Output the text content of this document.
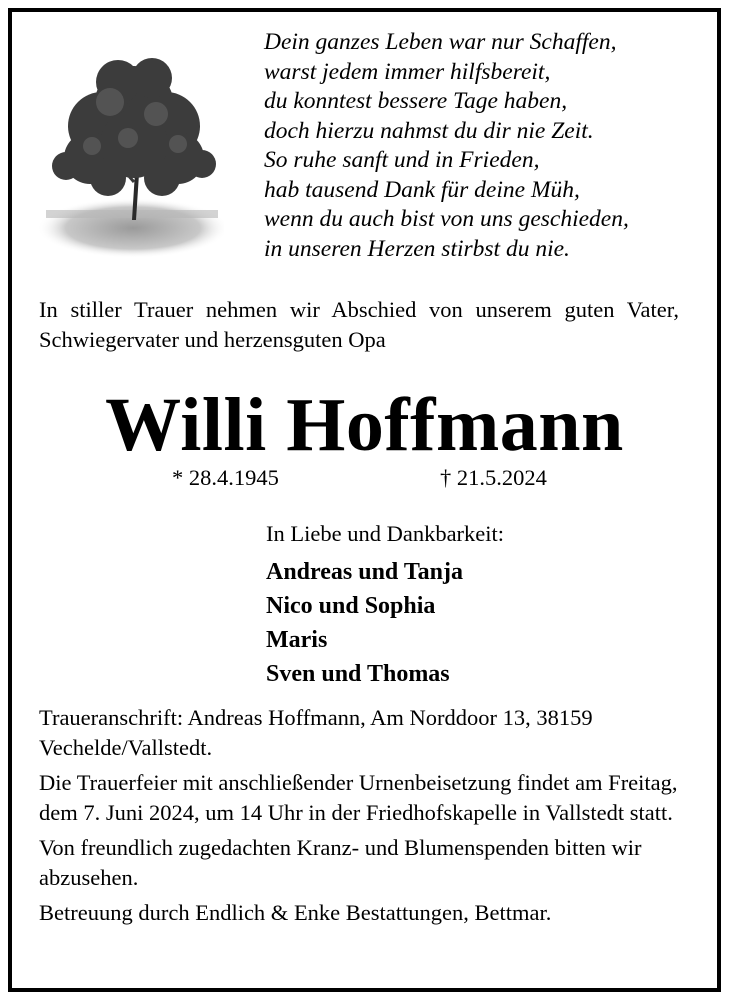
Dein ganzes Leben war nur Schaffen,
warst jedem immer hilfsbereit,
du konntest bessere Tage haben,
doch hierzu nahmst du dir nie Zeit.
So ruhe sanft und in Frieden,
hab tausend Dank für deine Müh,
wenn du auch bist von uns geschieden,
in unseren Herzen stirbst du nie.
In stiller Trauer nehmen wir Abschied von unserem guten Vater, Schwiegervater und herzensguten Opa
Willi Hoffmann
* 28.4.1945	† 21.5.2024
In Liebe und Dankbarkeit:
Andreas und Tanja
Nico und Sophia
Maris
Sven und Thomas

Traueranschrift: Andreas Hoffmann, Am Norddoor 13, 38159 Vechelde/Vallstedt.

Die Trauerfeier mit anschließender Urnenbeisetzung findet am Freitag, dem 7. Juni 2024, um 14 Uhr in der Friedhofskapelle in Vallstedt statt.

Von freundlich zugedachten Kranz- und Blumenspenden bitten wir abzusehen.

Betreuung durch Endlich & Enke Bestattungen, Bettmar.
